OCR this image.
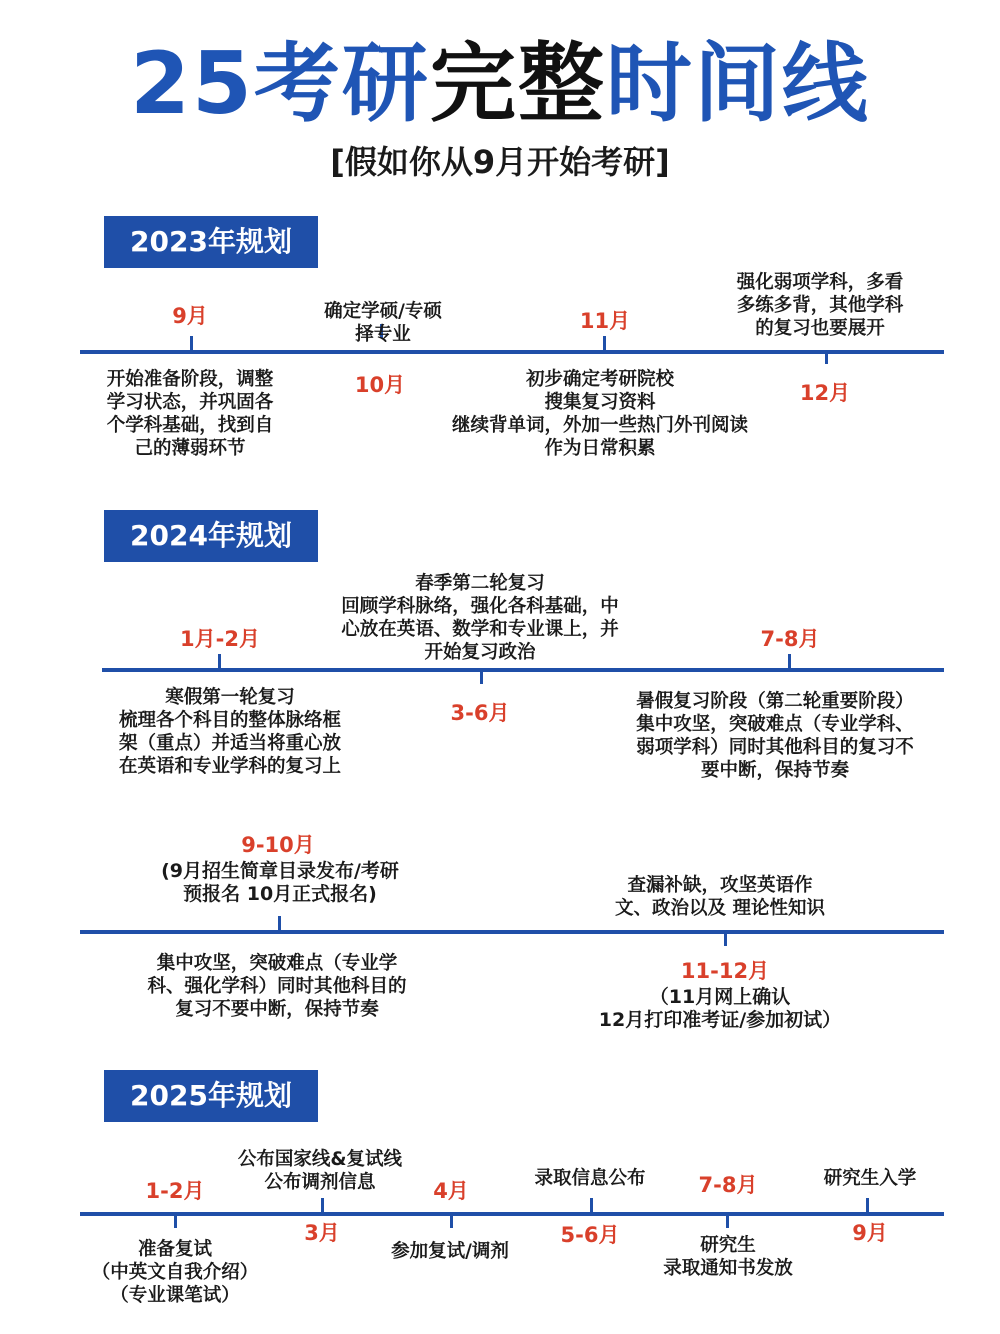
25考研完整时间线
[假如你从9月开始考研]
2023年规划
9月
开始准备阶段，调整
学习状态，并巩固各
个学科基础，找到自
己的薄弱环节
确定学硕/专硕
择专业
10月
11月
初步确定考研院校
搜集复习资料
继续背单词，外加一些热门外刊阅读
作为日常积累
强化弱项学科，多看
多练多背，其他学科
的复习也要展开
12月
2024年规划
1月-2月
寒假第一轮复习
梳理各个科目的整体脉络框
架（重点）并适当将重心放
在英语和专业学科的复习上
春季第二轮复习
回顾学科脉络，强化各科基础，中
心放在英语、数学和专业课上，并
开始复习政治
3-6月
7-8月
暑假复习阶段（第二轮重要阶段）
集中攻坚，突破难点（专业学科、
弱项学科）同时其他科目的复习不
要中断，保持节奏
9-10月
(9月招生简章目录发布/考研
预报名 10月正式报名)
集中攻坚，突破难点（专业学
科、强化学科）同时其他科目的
复习不要中断，保持节奏
查漏补缺，攻坚英语作
文、政治以及 理论性知识
11-12月
（11月网上确认
12月打印准考证/参加初试）
2025年规划
1-2月
准备复试
（中英文自我介绍）
（专业课笔试）
公布国家线&复试线
公布调剂信息
3月
4月
参加复试/调剂
录取信息公布
5-6月
7-8月
研究生
录取通知书发放
研究生入学
9月
